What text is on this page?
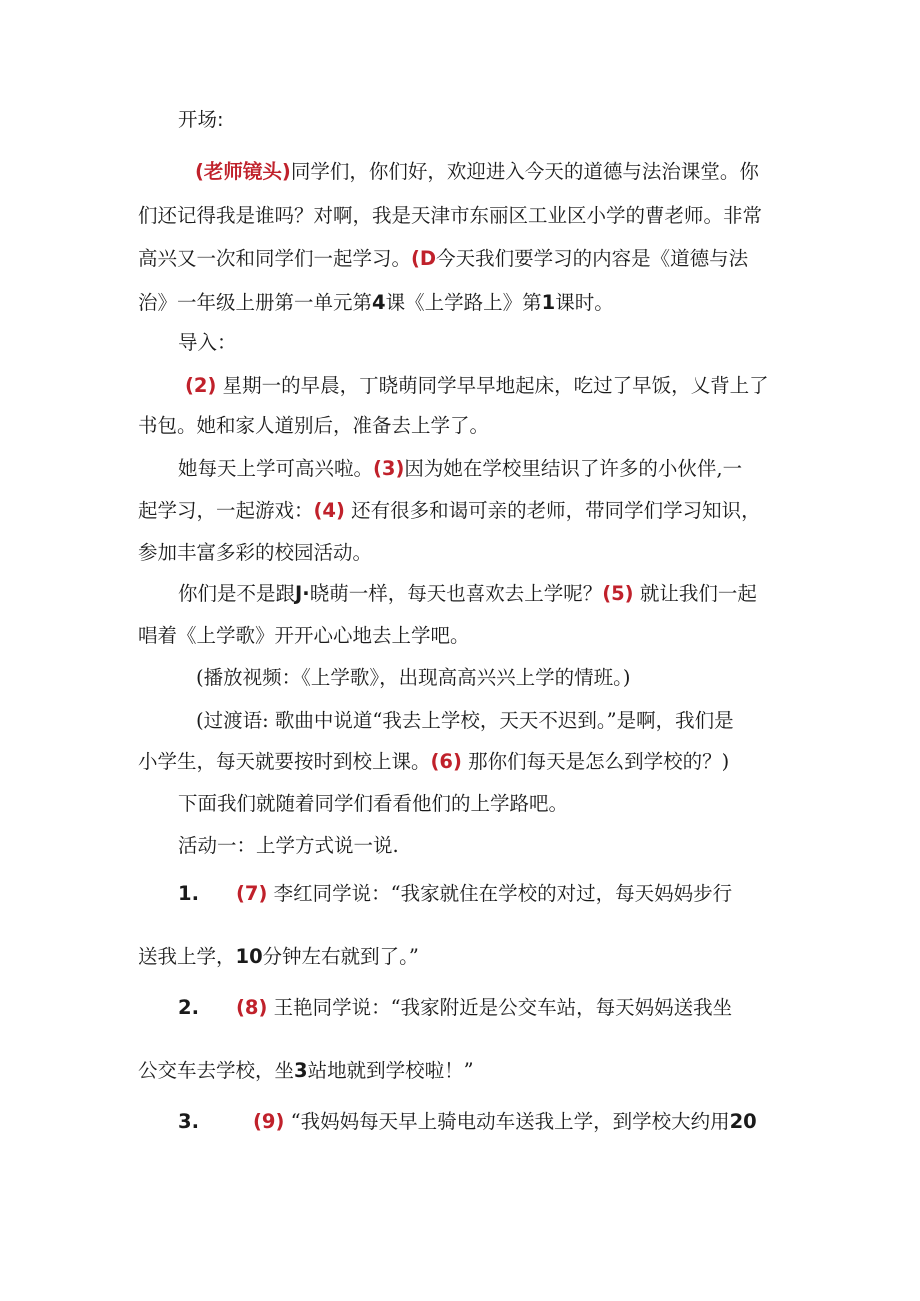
开场:
(老师镜头)同学们，你们好，欢迎进入今天的道德与法治课堂。你
们还记得我是谁吗？对啊，我是天津市东丽区工业区小学的曹老师。非常
高兴又一次和同学们一起学习。(D今天我们要学习的内容是《道德与法
治》一年级上册第一单元第4课《上学路上》第1课时。
导入：
(2) 星期一的早晨，丁晓萌同学早早地起床，吃过了早饭，乂背上了
书包。她和家人道别后，准备去上学了。
她每天上学可高兴啦。(3)因为她在学校里结识了许多的小伙伴,一
起学习，一起游戏：(4) 还有很多和谒可亲的老师，带同学们学习知识，
参加丰富多彩的校园活动。
你们是不是跟J·晓萌一样，每天也喜欢去上学呢？(5) 就让我们一起
唱着《上学歌》开开心心地去上学吧。
(播放视频：《上学歌》，出现高高兴兴上学的情班。)
(过渡语: 歌曲中说道“我去上学校，天天不迟到。”是啊，我们是
小学生，每天就要按时到校上课。(6) 那你们每天是怎么到学校的？)
下面我们就随着同学们看看他们的上学路吧。
活动一：上学方式说一说.
1. (7) 李红同学说：“我家就住在学校的对过，每天妈妈步行
送我上学，10分钟左右就到了。”
2. (8) 王艳同学说：“我家附近是公交车站，每天妈妈送我坐
公交车去学校，坐3站地就到学校啦！”
3.	(9) “我妈妈每天早上骑电动车送我上学，到学校大约用20
